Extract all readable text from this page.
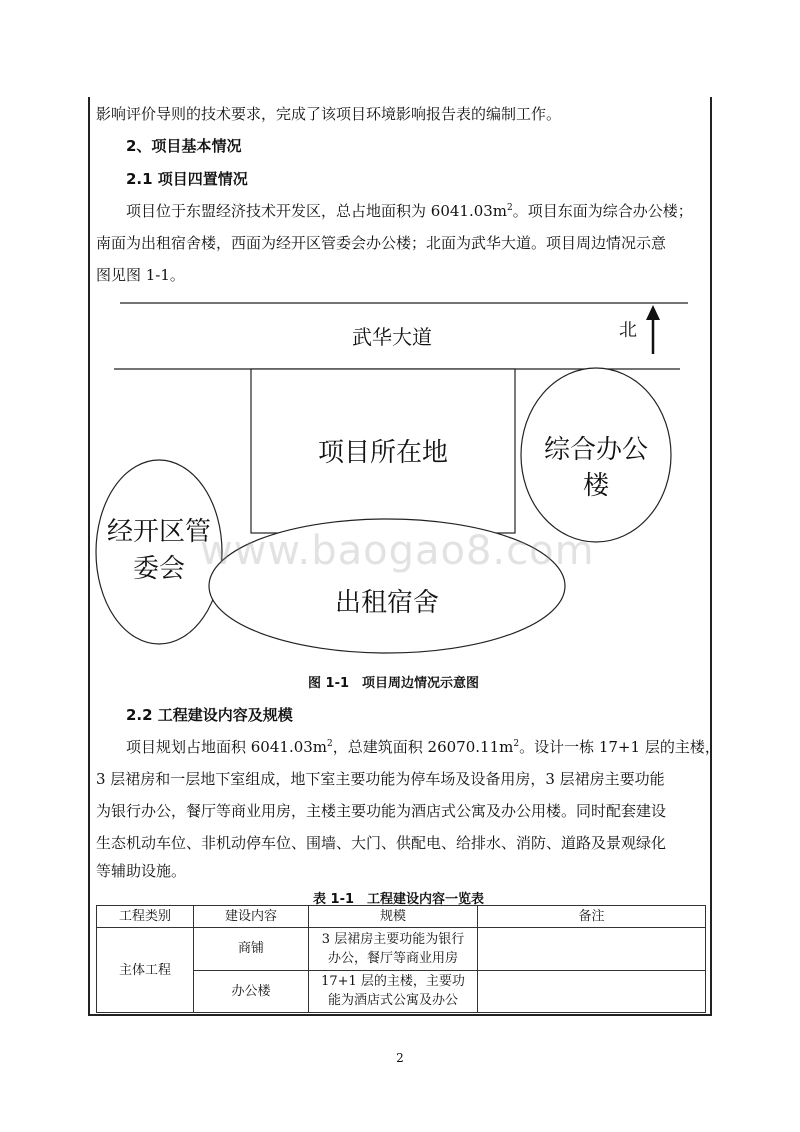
影响评价导则的技术要求，完成了该项目环境影响报告表的编制工作。
2、项目基本情况
2.1 项目四置情况
项目位于东盟经济技术开发区，总占地面积为 $6041.03m^2$。项目东面为综合办公楼；
南面为出租宿舍楼，西面为经开区管委会办公楼；北面为武华大道。项目周边情况示意
图见图 1-1。
武华大道	北
项目所在地	综合办公
楼
经开区管
委会
出租宿舍
www.baogao8.com
图 1-1　项目周边情况示意图
2.2 工程建设内容及规模
项目规划占地面积 $6041.03m^2$，总建筑面积 $26070.11m^2$。设计一栋 17+1 层的主楼，
3 层裙房和一层地下室组成，地下室主要功能为停车场及设备用房，3 层裙房主要功能
为银行办公，餐厅等商业用房，主楼主要功能为酒店式公寓及办公用楼。同时配套建设
生态机动车位、非机动停车位、围墙、大门、供配电、给排水、消防、道路及景观绿化
等辅助设施。
表 1-1　工程建设内容一览表
工程类别	建设内容	规模	备注
主体工程	商铺	3 层裙房主要功能为银行
办公，餐厅等商业用房	

	办公楼	17+1 层的主楼，主要功
能为酒店式公寓及办公	

2
